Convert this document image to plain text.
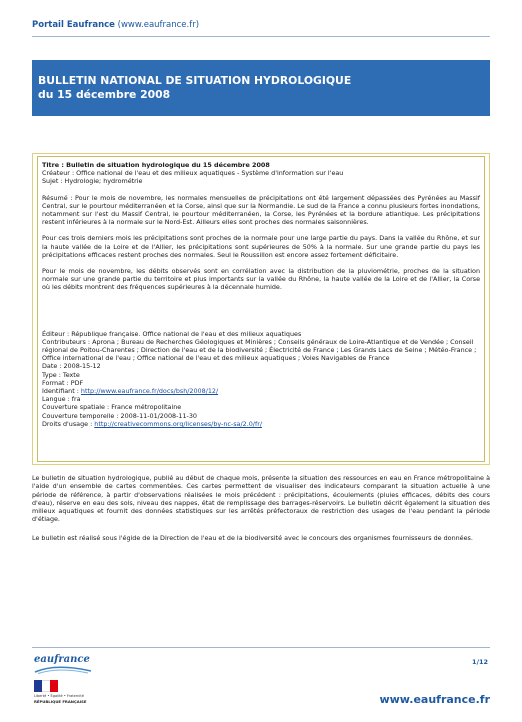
Portail Eaufrance (www.eaufrance.fr)
BULLETIN NATIONAL DE SITUATION HYDROLOGIQUE
du 15 décembre 2008

Titre : Bulletin de situation hydrologique du 15 décembre 2008

Créateur : Office national de l'eau et des milieux aquatiques - Système d'information sur l'eau

Sujet : Hydrologie; hydrométrie

Résumé : Pour le mois de novembre, les normales mensuelles de précipitations ont été largement dépassées des Pyrénées au Massif Central, sur le pourtour méditerranéen et la Corse, ainsi que sur la Normandie. Le sud de la France a connu plusieurs fortes inondations, notamment sur l'est du Massif Central, le pourtour méditerranéen, la Corse, les Pyrénées et la bordure atlantique. Les précipitations restent inférieures à la normale sur le Nord-Est. Ailleurs elles sont proches des normales saisonnières.

Pour ces trois derniers mois les précipitations sont proches de la normale pour une large partie du pays. Dans la vallée du Rhône, et sur la haute vallée de la Loire et de l'Allier, les précipitations sont supérieures de 50% à la normale. Sur une grande partie du pays les précipitations efficaces restent proches des normales. Seul le Roussillon est encore assez fortement déficitaire.

Pour le mois de novembre, les débits observés sont en corrélation avec la distribution de la pluviométrie, proches de la situation normale sur une grande partie du territoire et plus importants sur la vallée du Rhône, la haute vallée de la Loire et de l'Allier, la Corse où les débits montrent des fréquences supérieures à la décennale humide.

Éditeur : République française. Office national de l'eau et des milieux aquatiques

Contributeurs : Aprona ; Bureau de Recherches Géologiques et Minières ; Conseils généraux de Loire-Atlantique et de Vendée ; Conseil régional de Poitou-Charentes ; Direction de l'eau et de la biodiversité ; Électricité de France ; Les Grands Lacs de Seine ; Météo-France ; Office international de l'eau ; Office national de l'eau et des milieux aquatiques ; Voies Navigables de France

Date : 2008-15-12

Type : Texte

Format : PDF

Identifiant : http://www.eaufrance.fr/docs/bsh/2008/12/

Langue : fra

Couverture spatiale : France métropolitaine

Couverture temporelle : 2008-11-01/2008-11-30

Droits d'usage : http://creativecommons.org/licenses/by-nc-sa/2.0/fr/

Le bulletin de situation hydrologique, publié au début de chaque mois, présente la situation des ressources en eau en France métropolitaine à l'aide d'un ensemble de cartes commentées. Ces cartes permettent de visualiser des indicateurs comparant la situation actuelle à une période de référence, à partir d'observations réalisées le mois précédent : précipitations, écoulements (pluies efficaces, débits des cours d'eau), réserve en eau des sols, niveau des nappes, état de remplissage des barrages-réservoirs. Le bulletin décrit également la situation des milieux aquatiques et fournit des données statistiques sur les arrêtés préfectoraux de restriction des usages de l'eau pendant la période d'étiage.

Le bulletin est réalisé sous l'égide de la Direction de l'eau et de la biodiversité avec le concours des organismes fournisseurs de données.

eaufrance
Liberté • Égalité • Fraternité
RÉPUBLIQUE FRANÇAISE
1/12
www.eaufrance.fr
